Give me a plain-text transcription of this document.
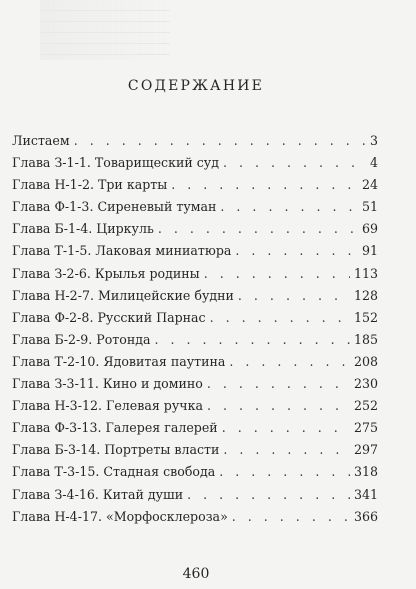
СОДЕРЖАНИЕ
Листаем . . .	3
Глава З-1-1. Товарищеский суд . . .	4
Глава Н-1-2. Три карты . . .	24
Глава Ф-1-3. Сиреневый туман . . .	51
Глава Б-1-4. Циркуль . . .	69
Глава Т-1-5. Лаковая миниатюра . . .	91
Глава З-2-6. Крылья родины . . .	113
Глава Н-2-7. Милицейские будни . . .	128
Глава Ф-2-8. Русский Парнас . . .	152
Глава Б-2-9. Ротонда . . .	185
Глава Т-2-10. Ядовитая паутина . . .	208
Глава З-3-11. Кино и домино . . .	230
Глава Н-3-12. Гелевая ручка . . .	252
Глава Ф-3-13. Галерея галерей . . .	275
Глава Б-3-14. Портреты власти . . .	297
Глава Т-3-15. Стадная свобода . . .	318
Глава З-4-16. Китай души . . .	341
Глава Н-4-17. «Морфосклероза» . . .	366
460
